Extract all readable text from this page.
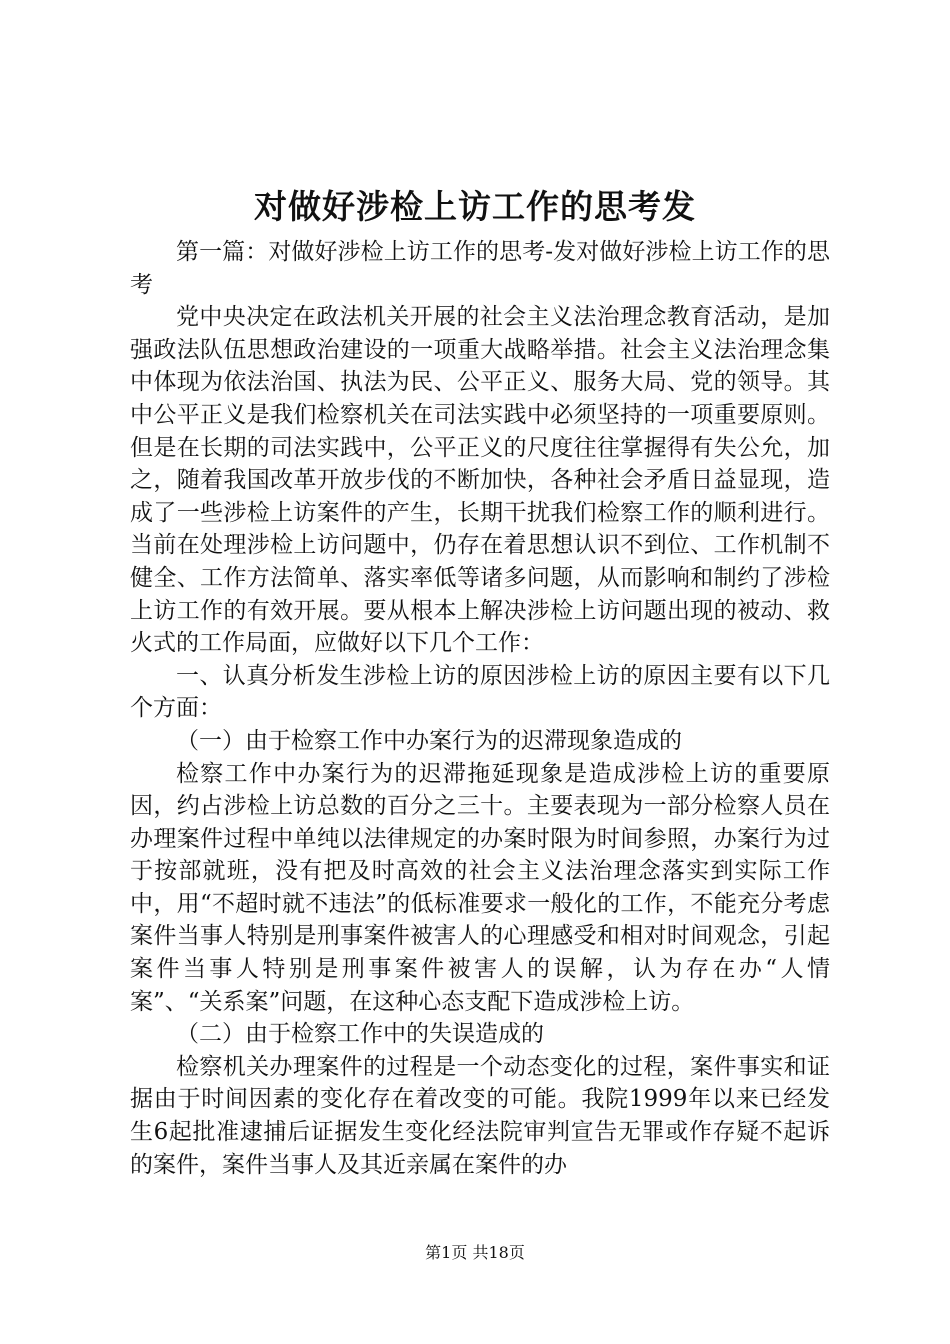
对做好涉检上访工作的思考发

第一篇：对做好涉检上访工作的思考-发对做好涉检上访工作的思考

党中央决定在政法机关开展的社会主义法治理念教育活动，是加强政法队伍思想政治建设的一项重大战略举措。社会主义法治理念集中体现为依法治国、执法为民、公平正义、服务大局、党的领导。其中公平正义是我们检察机关在司法实践中必须坚持的一项重要原则。但是在长期的司法实践中，公平正义的尺度往往掌握得有失公允，加之，随着我国改革开放步伐的不断加快，各种社会矛盾日益显现，造成了一些涉检上访案件的产生，长期干扰我们检察工作的顺利进行。当前在处理涉检上访问题中，仍存在着思想认识不到位、工作机制不健全、工作方法简单、落实率低等诸多问题，从而影响和制约了涉检上访工作的有效开展。要从根本上解决涉检上访问题出现的被动、救火式的工作局面，应做好以下几个工作：

一、认真分析发生涉检上访的原因涉检上访的原因主要有以下几个方面：

（一）由于检察工作中办案行为的迟滞现象造成的

检察工作中办案行为的迟滞拖延现象是造成涉检上访的重要原因，约占涉检上访总数的百分之三十。主要表现为一部分检察人员在办理案件过程中单纯以法律规定的办案时限为时间参照，办案行为过于按部就班，没有把及时高效的社会主义法治理念落实到实际工作中，用“不超时就不违法”的低标准要求一般化的工作，不能充分考虑案件当事人特别是刑事案件被害人的心理感受和相对时间观念，引起案件当事人特别是刑事案件被害人的误解，认为存在办“人情案”、“关系案”问题，在这种心态支配下造成涉检上访。

（二）由于检察工作中的失误造成的

检察机关办理案件的过程是一个动态变化的过程，案件事实和证据由于时间因素的变化存在着改变的可能。我院1999年以来已经发生6起批准逮捕后证据发生变化经法院审判宣告无罪或作存疑不起诉的案件，案件当事人及其近亲属在案件的办

第1页 共18页
